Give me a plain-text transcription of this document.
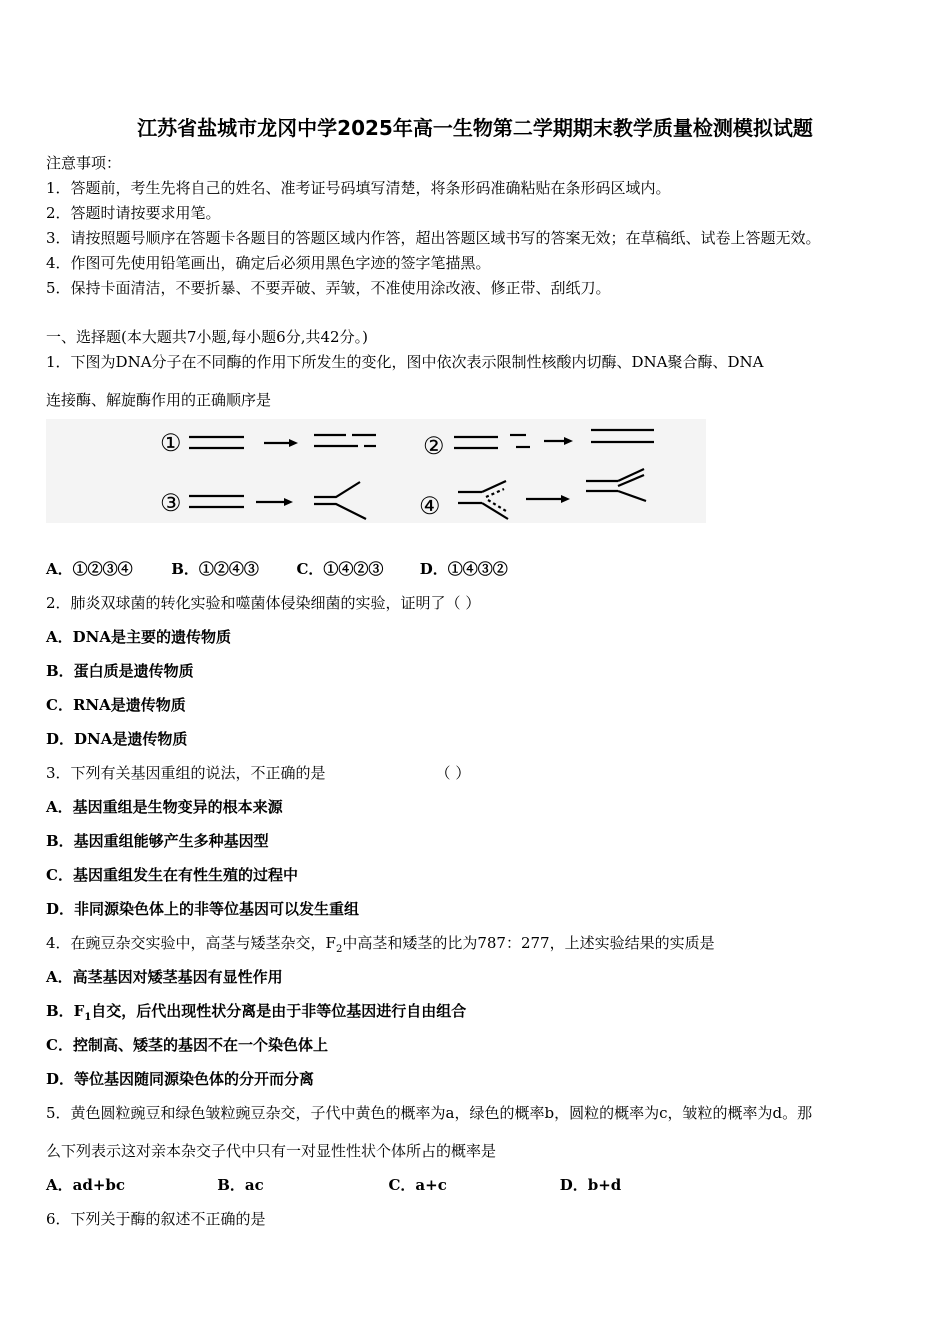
江苏省盐城市龙冈中学2025年高一生物第二学期期末教学质量检测模拟试题
注意事项：
1．答题前，考生先将自己的姓名、准考证号码填写清楚，将条形码准确粘贴在条形码区域内。
2．答题时请按要求用笔。
3．请按照题号顺序在答题卡各题目的答题区域内作答，超出答题区域书写的答案无效；在草稿纸、试卷上答题无效。
4．作图可先使用铅笔画出，确定后必须用黑色字迹的签字笔描黑。
5．保持卡面清洁，不要折暴、不要弄破、弄皱，不准使用涂改液、修正带、刮纸刀。
一、选择题(本大题共7小题,每小题6分,共42分。)
1．下图为DNA分子在不同酶的作用下所发生的变化，图中依次表示限制性核酸内切酶、DNA聚合酶、DNA
连接酶、解旋酶作用的正确顺序是
①	②
③	④
A．①②③④	B．①②④③	C．①④②③ D．①④③②
2．肺炎双球菌的转化实验和噬菌体侵染细菌的实验，证明了（ ）
A．DNA是主要的遗传物质
B．蛋白质是遗传物质
C．RNA是遗传物质
D．DNA是遗传物质
3．下列有关基因重组的说法，不正确的是	（ ）
A．基因重组是生物变异的根本来源
B．基因重组能够产生多种基因型
C．基因重组发生在有性生殖的过程中
D．非同源染色体上的非等位基因可以发生重组
4．在豌豆杂交实验中，高茎与矮茎杂交，$F_2$中高茎和矮茎的比为787：277，上述实验结果的实质是
A．高茎基因对矮茎基因有显性作用
B．$F_1$自交，后代出现性状分离是由于非等位基因进行自由组合
C．控制高、矮茎的基因不在一个染色体上
D．等位基因随同源染色体的分开而分离
5．黄色圆粒豌豆和绿色皱粒豌豆杂交，子代中黄色的概率为a，绿色的概率b，圆粒的概率为c，皱粒的概率为d。那
么下列表示这对亲本杂交子代中只有一对显性性状个体所占的概率是
A．ad+bc	B．ac	C．a+c	D．b+d
6．下列关于酶的叙述不正确的是
